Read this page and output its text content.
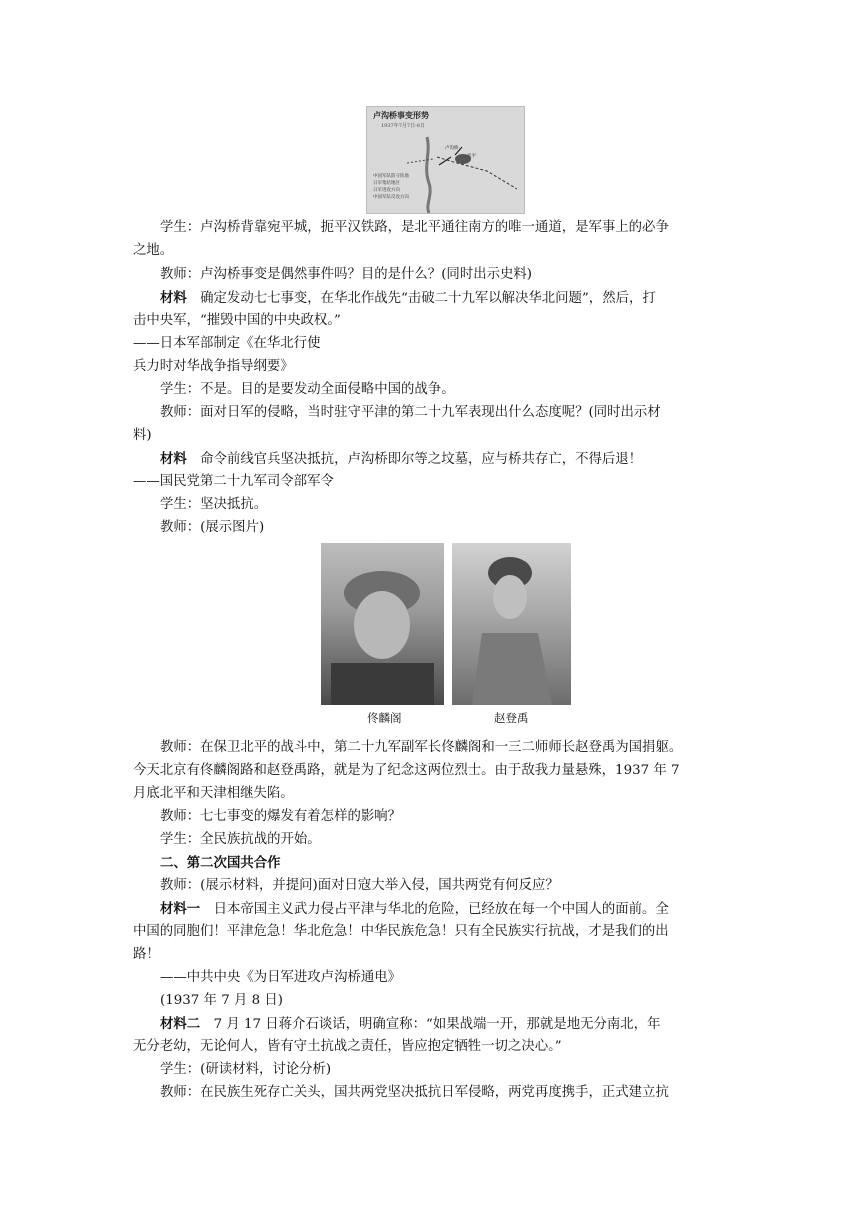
卢沟桥事变形势
1937年7月7日-8日
卢沟桥
宛平
中国军队防守阵地
日军集结地区
日军进攻方向
中国军队反攻方向
学生：卢沟桥背靠宛平城，扼平汉铁路，是北平通往南方的唯一通道，是军事上的必争
之地。
教师：卢沟桥事变是偶然事件吗？目的是什么？(同时出示史料)
材料　 确定发动七七事变，在华北作战先“击破二十九军以解决华北问题”，然后，打
击中央军，“摧毁中国的中央政权。”
——日本军部制定《在华北行使
兵力时对华战争指导纲要》
学生：不是。目的是要发动全面侵略中国的战争。
教师：面对日军的侵略，当时驻守平津的第二十九军表现出什么态度呢？(同时出示材
料)
材料　 命令前线官兵坚决抵抗，卢沟桥即尔等之坟墓，应与桥共存亡，不得后退！
——国民党第二十九军司令部军令
学生：坚决抵抗。
教师：(展示图片)
佟麟阁	赵登禹
教师：在保卫北平的战斗中，第二十九军副军长佟麟阁和一三二师师长赵登禹为国捐躯。
今天北京有佟麟阁路和赵登禹路，就是为了纪念这两位烈士。由于敌我力量悬殊，1937 年 7
月底北平和天津相继失陷。
教师：七七事变的爆发有着怎样的影响？
学生：全民族抗战的开始。
二、第二次国共合作
教师：(展示材料，并提问)面对日寇大举入侵，国共两党有何反应？
材料一　 日本帝国主义武力侵占平津与华北的危险，已经放在每一个中国人的面前。全
中国的同胞们！平津危急！华北危急！中华民族危急！只有全民族实行抗战，才是我们的出
路！
——中共中央《为日军进攻卢沟桥通电》
(1937 年 7 月 8 日)
材料二　 7 月 17 日蒋介石谈话，明确宣称：“如果战端一开，那就是地无分南北，年
无分老幼，无论何人，皆有守土抗战之责任，皆应抱定牺牲一切之决心。”
学生：(研读材料，讨论分析)
教师：在民族生死存亡关头，国共两党坚决抵抗日军侵略，两党再度携手，正式建立抗
